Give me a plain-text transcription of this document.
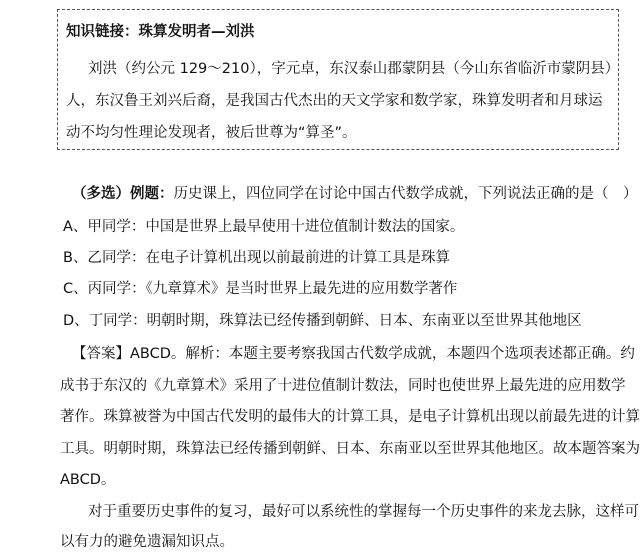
知识链接：珠算发明者—刘洪
刘洪（约公元 129～210），字元卓，东汉泰山郡蒙阴县（今山东省临沂市蒙阴县）
人，东汉鲁王刘兴后裔，是我国古代杰出的天文学家和数学家，珠算发明者和月球运
动不均匀性理论发现者，被后世尊为“算圣”。
（多选）例题：历史课上，四位同学在讨论中国古代数学成就，下列说法正确的是（　）
A、甲同学：中国是世界上最早使用十进位值制计数法的国家。
B、乙同学：在电子计算机出现以前最前进的计算工具是珠算
C、丙同学：《九章算术》是当时世界上最先进的应用数学著作
D、丁同学：明朝时期，珠算法已经传播到朝鲜、日本、东南亚以至世界其他地区
【答案】ABCD。解析：本题主要考察我国古代数学成就，本题四个选项表述都正确。约
成书于东汉的《九章算术》采用了十进位值制计数法，同时也使世界上最先进的应用数学
著作。珠算被誉为中国古代发明的最伟大的计算工具，是电子计算机出现以前最先进的计算
工具。明朝时期，珠算法已经传播到朝鲜、日本、东南亚以至世界其他地区。故本题答案为
ABCD。
对于重要历史事件的复习，最好可以系统性的掌握每一个历史事件的来龙去脉，这样可
以有力的避免遗漏知识点。
